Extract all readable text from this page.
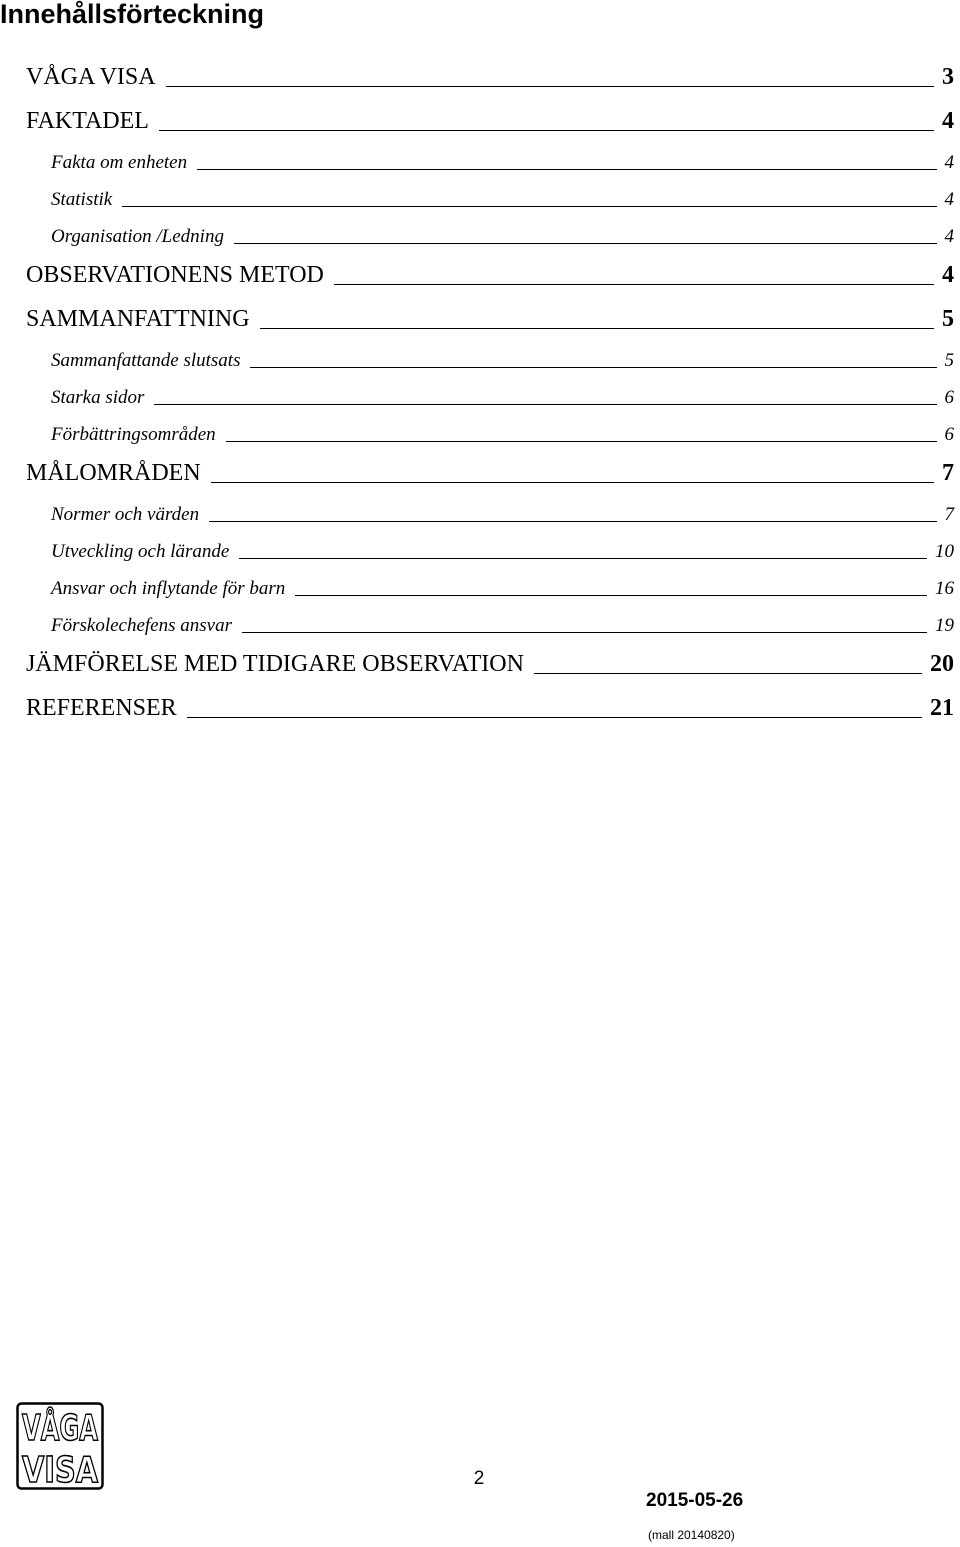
Innehållsförteckning
VÅGA VISA	3
FAKTADEL	4
Fakta om enheten	4
Statistik	4
Organisation /Ledning	4
OBSERVATIONENS METOD	4
SAMMANFATTNING	5
Sammanfattande slutsats	5
Starka sidor	6
Förbättringsområden	6
MÅLOMRÅDEN	7
Normer och värden	7
Utveckling och lärande	10
Ansvar och inflytande för barn	16
Förskolechefens ansvar	19
JÄMFÖRELSE MED TIDIGARE OBSERVATION	20
REFERENSER	21
VÅGA
VISA	2
2015-05-26
(mall 20140820)
